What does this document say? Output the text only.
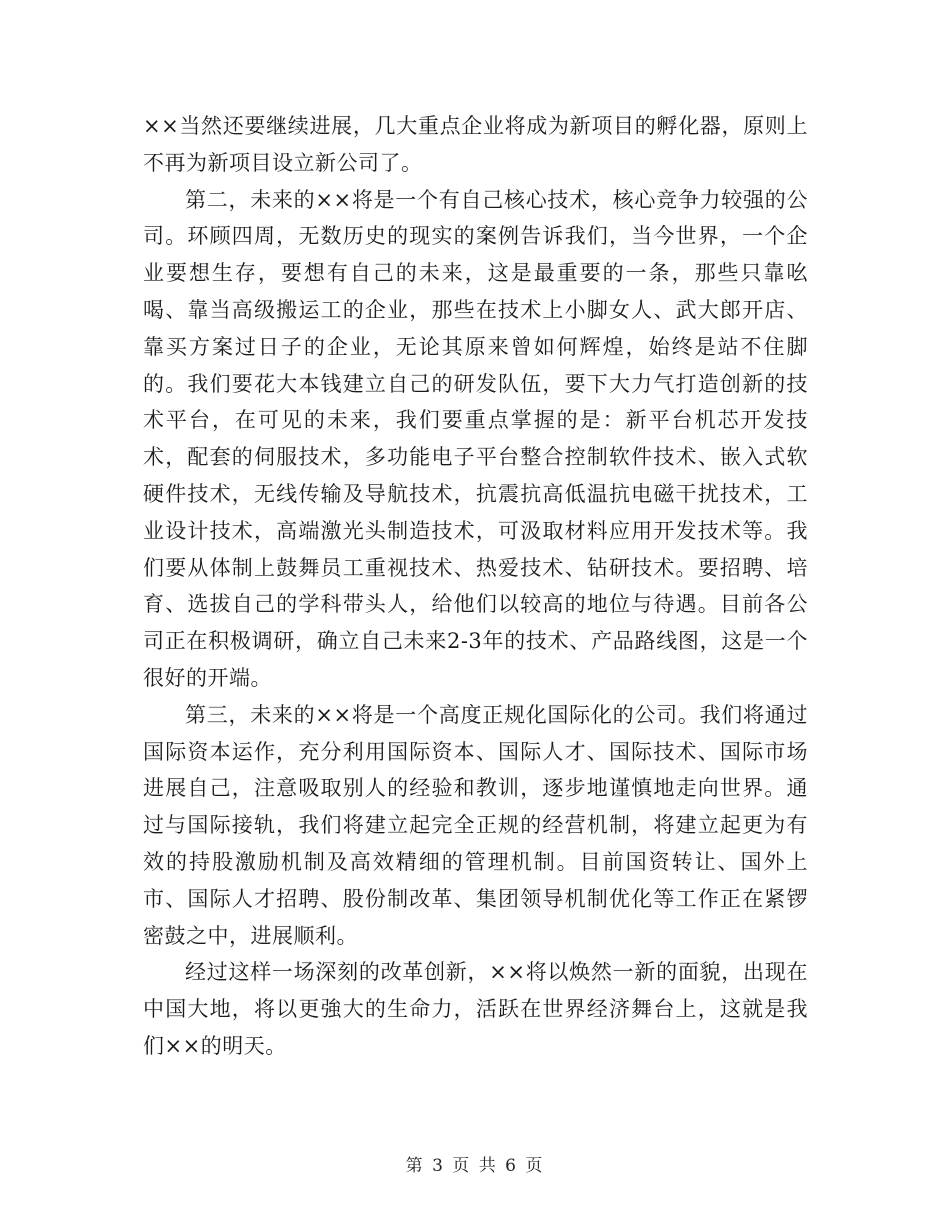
××当然还要继续进展，几大重点企业将成为新项目的孵化器，原则上不再为新项目设立新公司了。

第二，未来的××将是一个有自己核心技术，核心竞争力较强的公司。环顾四周，无数历史的现实的案例告诉我们，当今世界，一个企业要想生存，要想有自己的未来，这是最重要的一条，那些只靠吆喝、靠当高级搬运工的企业，那些在技术上小脚女人、武大郎开店、靠买方案过日子的企业，无论其原来曾如何辉煌，始终是站不住脚的。我们要花大本钱建立自己的研发队伍，要下大力气打造创新的技术平台，在可见的未来，我们要重点掌握的是：新平台机芯开发技术，配套的伺服技术，多功能电子平台整合控制软件技术、嵌入式软硬件技术，无线传输及导航技术，抗震抗高低温抗电磁干扰技术，工业设计技术，高端激光头制造技术，可汲取材料应用开发技术等。我们要从体制上鼓舞员工重视技术、热爱技术、钻研技术。要招聘、培育、选拔自己的学科带头人，给他们以较高的地位与待遇。目前各公司正在积极调研，确立自己未来2-3年的技术、产品路线图，这是一个很好的开端。

第三，未来的××将是一个高度正规化国际化的公司。我们将通过国际资本运作，充分利用国际资本、国际人才、国际技术、国际市场进展自己，注意吸取别人的经验和教训，逐步地谨慎地走向世界。通过与国际接轨，我们将建立起完全正规的经营机制，将建立起更为有效的持股激励机制及高效精细的管理机制。目前国资转让、国外上市、国际人才招聘、股份制改革、集团领导机制优化等工作正在紧锣密鼓之中，进展顺利。

经过这样一场深刻的改革创新，××将以焕然一新的面貌，出现在中国大地，将以更強大的生命力，活跃在世界经济舞台上，这就是我们××的明天。

第 3 页 共 6 页
